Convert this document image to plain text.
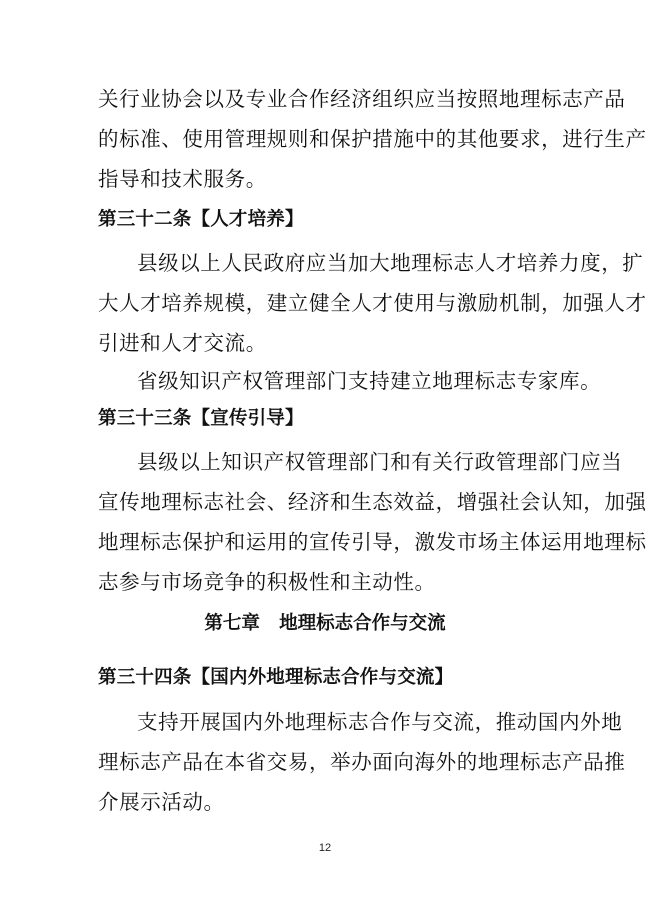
关行业协会以及专业合作经济组织应当按照地理标志产品
的标准、使用管理规则和保护措施中的其他要求，进行生产
指导和技术服务。
第三十二条【人才培养】
县级以上人民政府应当加大地理标志人才培养力度，扩
大人才培养规模，建立健全人才使用与激励机制，加强人才
引进和人才交流。
省级知识产权管理部门支持建立地理标志专家库。
第三十三条【宣传引导】
县级以上知识产权管理部门和有关行政管理部门应当
宣传地理标志社会、经济和生态效益，增强社会认知，加强
地理标志保护和运用的宣传引导，激发市场主体运用地理标
志参与市场竞争的积极性和主动性。
第七章   地理标志合作与交流
第三十四条【国内外地理标志合作与交流】
支持开展国内外地理标志合作与交流，推动国内外地
理标志产品在本省交易，举办面向海外的地理标志产品推
介展示活动。
12
